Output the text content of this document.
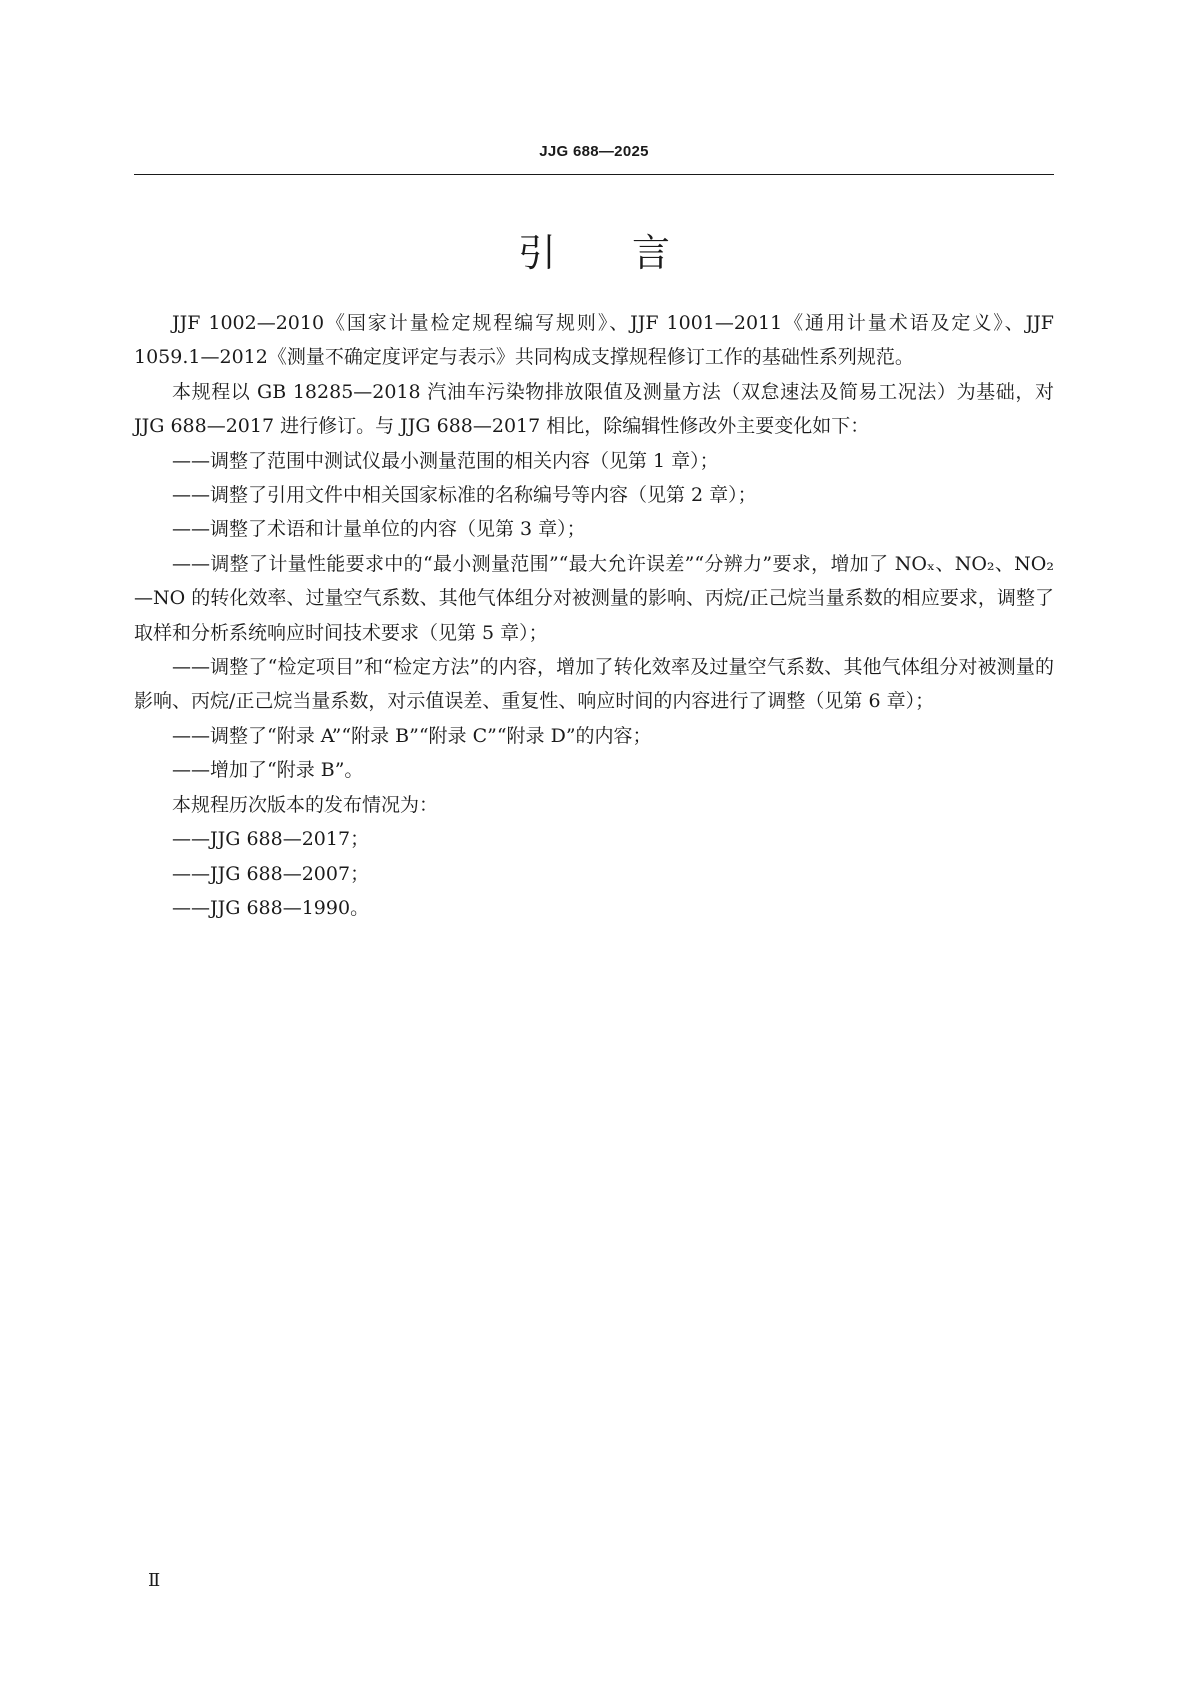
JJG 688—2025
引言

JJF 1002—2010《国家计量检定规程编写规则》、JJF 1001—2011《通用计量术语及定义》、JJF 1059.1—2012《测量不确定度评定与表示》共同构成支撑规程修订工作的基础性系列规范。

本规程以 GB 18285—2018 汽油车污染物排放限值及测量方法（双怠速法及简易工况法）为基础，对 JJG 688—2017 进行修订。与 JJG 688—2017 相比，除编辑性修改外主要变化如下：

——调整了范围中测试仪最小测量范围的相关内容（见第 1 章）；

——调整了引用文件中相关国家标准的名称编号等内容（见第 2 章）；

——调整了术语和计量单位的内容（见第 3 章）；

——调整了计量性能要求中的“最小测量范围”“最大允许误差”“分辨力”要求，增加了 NOₓ、NO₂、NO₂—NO 的转化效率、过量空气系数、其他气体组分对被测量的影响、丙烷/正己烷当量系数的相应要求，调整了取样和分析系统响应时间技术要求（见第 5 章）；

——调整了“检定项目”和“检定方法”的内容，增加了转化效率及过量空气系数、其他气体组分对被测量的影响、丙烷/正己烷当量系数，对示值误差、重复性、响应时间的内容进行了调整（见第 6 章）；

——调整了“附录 A”“附录 B”“附录 C”“附录 D”的内容；

——增加了“附录 B”。

本规程历次版本的发布情况为：

——JJG 688—2017；

——JJG 688—2007；

——JJG 688—1990。

Ⅱ
